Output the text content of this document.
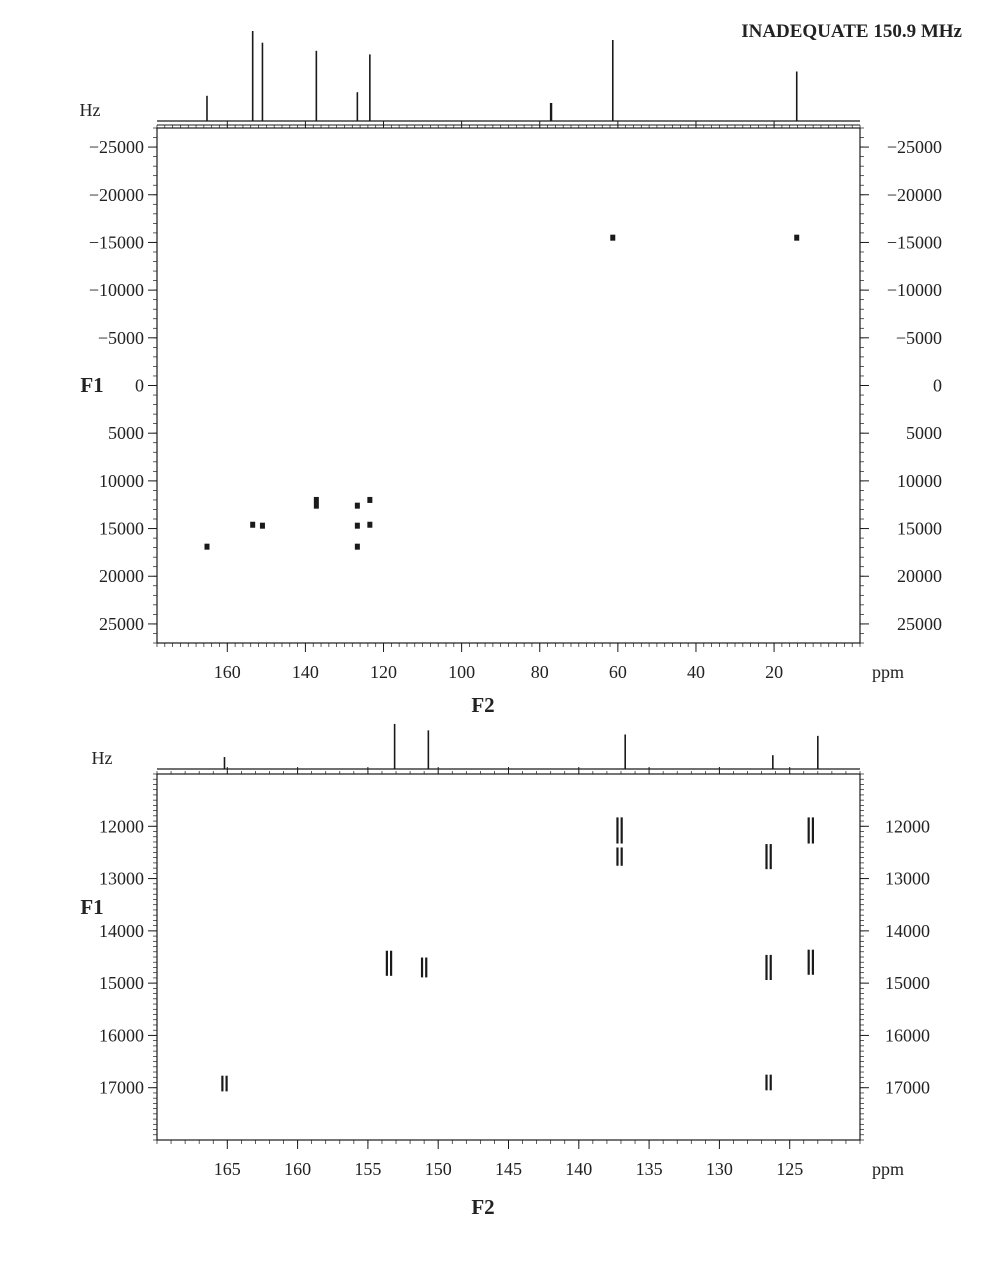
INADEQUATE 150.9 MHz
160	140	120	100	80	60	40	20
−25000	−25000
−20000	−20000
−15000	−15000
−10000	−10000
−5000	−5000
0	0
5000	5000
10000	10000
15000	15000
20000	20000
25000	25000
F1
F2
Hz
ppm
165 160 155 150 145 140 135 130 125
12000	12000
13000	13000
14000	14000
15000	15000
16000	16000
17000	17000
F1
F2
Hz
ppm
